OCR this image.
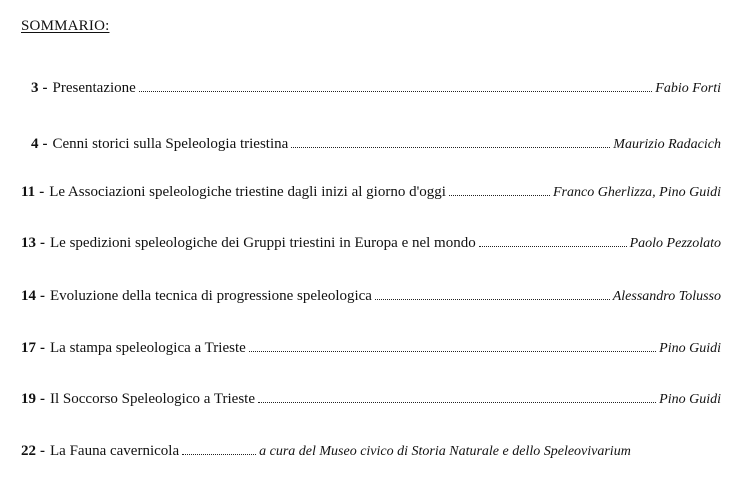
SOMMARIO:
3 - Presentazione	Fabio Forti
4 - Cenni storici sulla Speleologia triestina	Maurizio Radacich
11 - Le Associazioni speleologiche triestine dagli inizi al giorno d'oggi	Franco Gherlizza, Pino Guidi
13 - Le spedizioni speleologiche dei Gruppi triestini in Europa e nel mondo	Paolo Pezzolato
14 - Evoluzione della tecnica di progressione speleologica	Alessandro Tolusso
17 - La stampa speleologica a Trieste	Pino Guidi
19 - Il Soccorso Speleologico a Trieste	Pino Guidi
22 - La Fauna cavernicola	a cura del Museo civico di Storia Naturale e dello Speleovivarium
